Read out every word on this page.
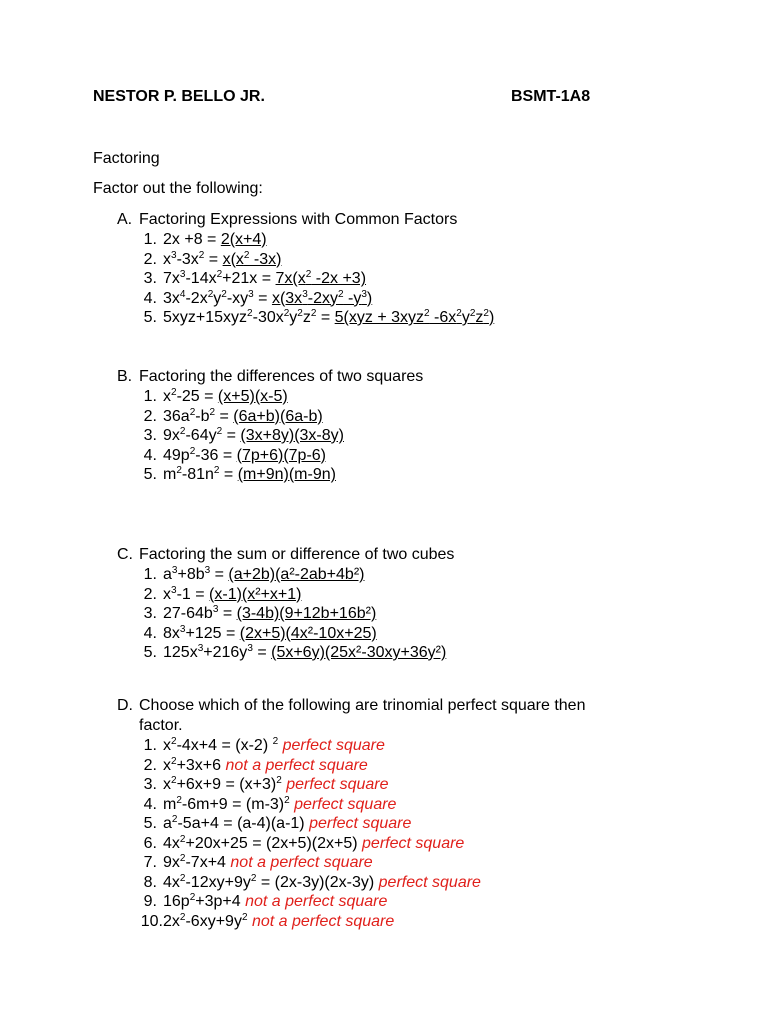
NESTOR P. BELLO JR.	BSMT-1A8
Factoring
Factor out the following:
A. Factoring Expressions with Common Factors
1. 2x +8 = 2(x+4)
2. $x^3-3x^2 = x(x^2$ -3x)
3. $7x^3-14x^2+21x = 7x(x^2$ -2x +3)
4. $3x^4-2x^2y^2-xy^3 = x(3x^3-2xy^2$ $-y^3$)
5. $5xyz+15xyz^2-30x^2y^2z^2 = 5(xyz + 3xyz^2$ $-6x^2y^2z^2$)
B. Factoring the differences of two squares
1. $x^2-25 = (x+5)(x-5)$
2. $36a^2-b^2 = (6a+b)(6a-b)$
3. $9x^2-64y^2 = (3x+8y)(3x-8y)$
4. $49p^2-36 = (7p+6)(7p-6)$
5. $m^2-81n^2 = (m+9n)(m-9n)$
C. Factoring the sum or difference of two cubes
1. $a^3+8b^3 = (a+2b)(a^2-2ab+4b^2)$
2. $x^3-1 = (x-1)(x^2+x+1)$
3. $27-64b^3 = (3-4b)(9+12b+16b^2)$
4. $8x^3+125 = (2x+5)(4x^2-10x+25)$
5. $125x^3+216y^3 = (5x+6y)(25x^2-30xy+36y^2)$
D. Choose which of the following are trinomial perfect square then
factor.
1. $x^2-4x+4 = (x-2)$ $^2$ perfect square
2. $x^2+3x+6$ not a perfect square
3. $x^2+6x+9 = (x+3)^2$ perfect square
4. $m^2-6m+9 = (m-3)^2$ perfect square
5. $a^2-5a+4 = (a-4)(a-1)$ perfect square
6. $4x^2+20x+25 = (2x+5)(2x+5)$ perfect square
7. $9x^2-7x+4$ not a perfect square
8. $4x^2-12xy+9y^2 = (2x-3y)(2x-3y)$ perfect square
9. $16p^2+3p+4$ not a perfect square
$10.2x^2-6xy+9y^2$ not a perfect square
